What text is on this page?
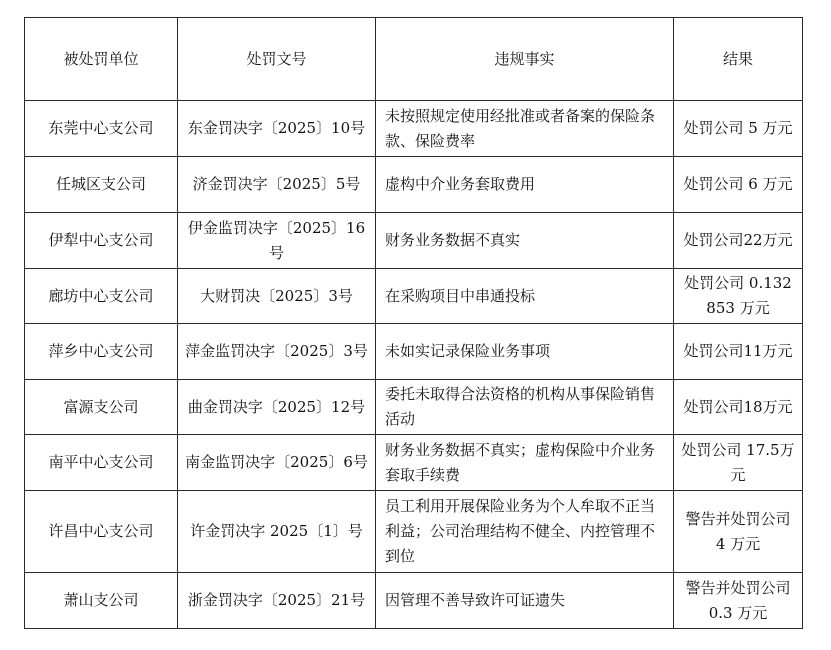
被处罚单位	处罚文号	违规事实	结果
东莞中心支公司	东金罚决字〔2025〕10号	未按照规定使用经批准或者备案的保险条款、保险费率	处罚公司 5 万元
任城区支公司	济金罚决字〔2025〕5号	虚构中介业务套取费用	处罚公司 6 万元
伊犁中心支公司	伊金监罚决字〔2025〕16号	财务业务数据不真实	处罚公司22万元
廊坊中心支公司	大财罚决〔2025〕3号	在采购项目中串通投标	处罚公司 0.132853 万元
萍乡中心支公司	萍金监罚决字〔2025〕3号	未如实记录保险业务事项	处罚公司11万元
富源支公司	曲金罚决字〔2025〕12号	委托未取得合法资格的机构从事保险销售活动	处罚公司18万元
南平中心支公司	南金监罚决字〔2025〕6号	财务业务数据不真实；虚构保险中介业务套取手续费	处罚公司 17.5万元
许昌中心支公司	许金罚决字 2025〔1〕号	员工利用开展保险业务为个人牟取不正当利益；公司治理结构不健全、内控管理不到位	警告并处罚公司 4 万元
萧山支公司	浙金罚决字〔2025〕21号	因管理不善导致许可证遗失	警告并处罚公司 0.3 万元
